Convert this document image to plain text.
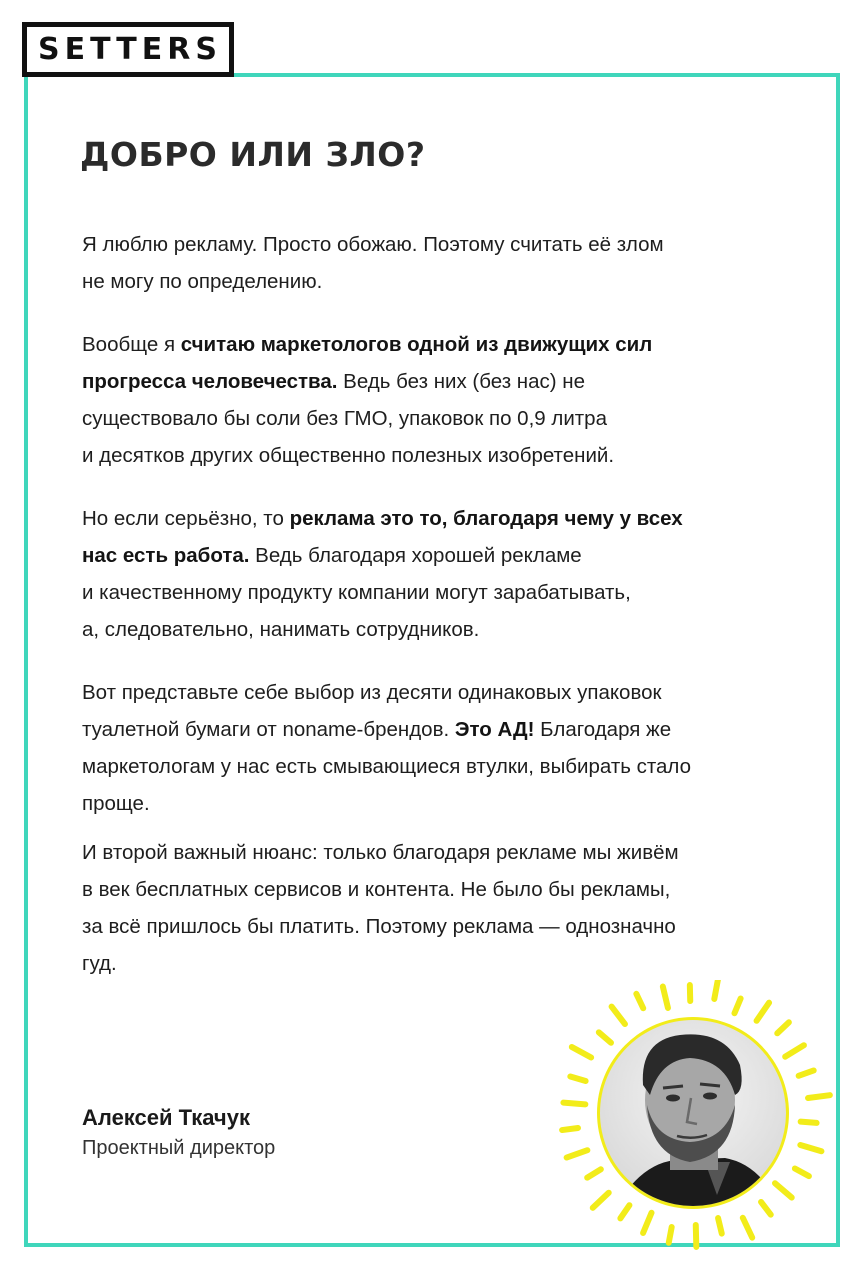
SETTERS
ДОБРО ИЛИ ЗЛО?

Я люблю рекламу. Просто обожаю. Поэтому считать её злом
не могу по определению.

Вообще я считаю маркетологов одной из движущих сил
прогресса человечества. Ведь без них (без нас) не
существовало бы соли без ГМО, упаковок по 0,9 литра
и десятков других общественно полезных изобретений.

Но если серьёзно, то реклама это то, благодаря чему у всех
нас есть работа. Ведь благодаря хорошей рекламе
и качественному продукту компании могут зарабатывать,
а, следовательно, нанимать сотрудников.

Вот представьте себе выбор из десяти одинаковых упаковок
туалетной бумаги от noname-брендов. Это АД! Благодаря же
маркетологам у нас есть смывающиеся втулки, выбирать стало
проще.

И второй важный нюанс: только благодаря рекламе мы живём
в век бесплатных сервисов и контента. Не было бы рекламы,
за всё пришлось бы платить. Поэтому реклама — однозначно
гуд.

Алексей Ткачук

Проектный директор
